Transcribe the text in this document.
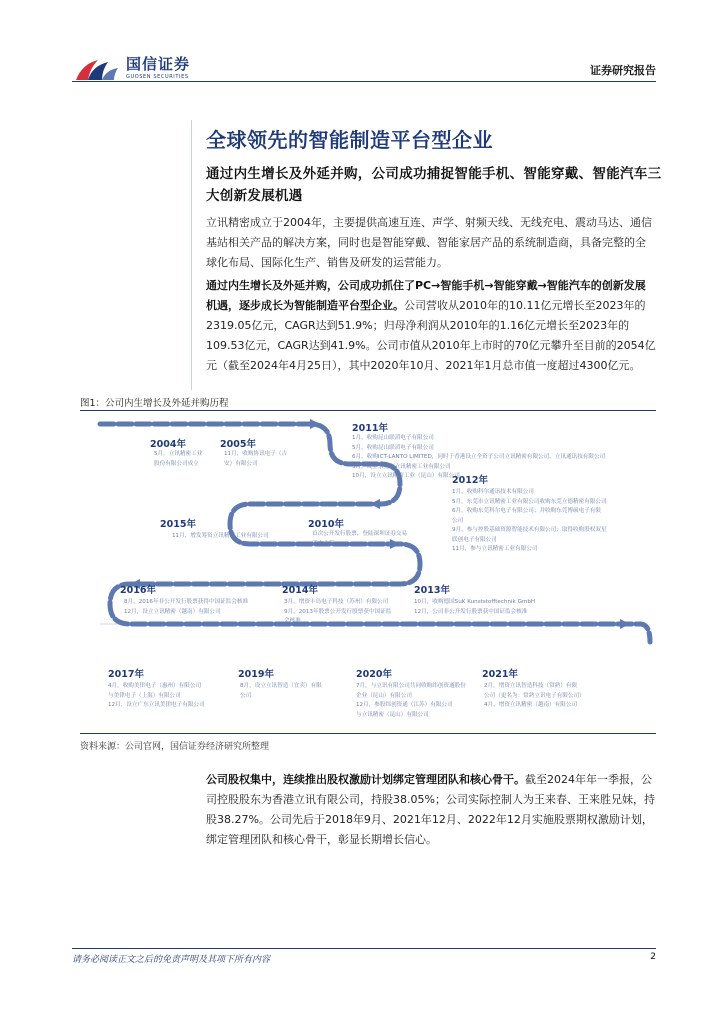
国信证券
GUOSEN SECURITIES	证券研究报告
全球领先的智能制造平台型企业
通过内生增长及外延并购，公司成功捕捉智能手机、智能穿戴、智能汽车三大创新发展机遇
立讯精密成立于2004年，主要提供高速互连、声学、射频天线、无线充电、震动马达、通信基站相关产品的解决方案，同时也是智能穿戴、智能家居产品的系统制造商，具备完整的全球化布局、国际化生产、销售及研发的运营能力。
通过内生增长及外延并购，公司成功抓住了PC→智能手机→智能穿戴→智能汽车的创新发展机遇，逐步成长为智能制造平台型企业。公司营收从2010年的10.11亿元增长至2023年的2319.05亿元，CAGR达到51.9%；归母净利润从2010年的1.16亿元增长至2023年的109.53亿元，CAGR达到41.9%。公司市值从2010年上市时的70亿元攀升至目前的2054亿元（截至2024年4月25日），其中2020年10月、2021年1月总市值一度超过4300亿元。
图1：公司内生增长及外延并购历程
2004年
5月，立讯精密工业
股份有限公司成立
2005年
11月，收购协讯电子（吉
安）有限公司
2011年
1月，收购昆山联滔电子有限公司
5月，收购昆山联滔电子有限公司
6月，收购ICT-LANTO LIMITED，同时于香港设立全资子公司立讯精密有限公司、立讯通讯技有限公司
9月，设立东莞市立讯精密工业有限公司
10月，设立立讯精密工业（昆山）有限公司
2015年
11月，增发筹资立讯精密工业有限公司
2010年
首次公开发行股票，登陆深圳证券交易
所中小板
2012年
1月，收购科尔通讯技术有限公司
5月，东莞市立讯精密工业有限公司收购东莞立德精密有限公司
6月，收购东莞科尔电子有限公司；并收购东莞博硕电子有限
公司
9月，参与控股基础资源智能技术有限公司；取得收购股权双星
联创电子有限公司
11月，参与立讯精密工业有限公司
2016年
8月，2016年非公开发行股票获得中国证监会核准
12月，设立立讯精密（越南）有限公司
2014年
3月，增资丰岛电子科技（苏州）有限公司
9月，2013年股票公开发行股票获中国证监
会核准
2013年
10月，收购德国SuK Kunststofftechnik GmbH
12月，公司非公开发行股票获中国证监会核准
2017年
4月，收购美律电子（惠州）有限公司
与美律电子（上海）有限公司
12月，设立广东立讯美律电子有限公司
2019年
8月，设立立讯智造（宜宾）有限
公司
2020年
7月，与立讯有限公司共同收购纬创资通股份
企业（昆山）有限公司
12月，参股纬创资通（江苏）有限公司
与立讯精密（昆山）有限公司
2021年
2月，增资立讯智造科技（常熟）有限
公司（更名为：常熟立讯电子有限公司）
4月，增资立讯精密（越南）有限公司
资料来源：公司官网，国信证券经济研究所整理
公司股权集中，连续推出股权激励计划绑定管理团队和核心骨干。截至2024年年一季报，公司控股股东为香港立讯有限公司，持股38.05%；公司实际控制人为王来春、王来胜兄妹，持股38.27%。公司先后于2018年9月、2021年12月、2022年12月实施股票期权激励计划，绑定管理团队和核心骨干，彰显长期增长信心。
请务必阅读正文之后的免责声明及其项下所有内容	2
